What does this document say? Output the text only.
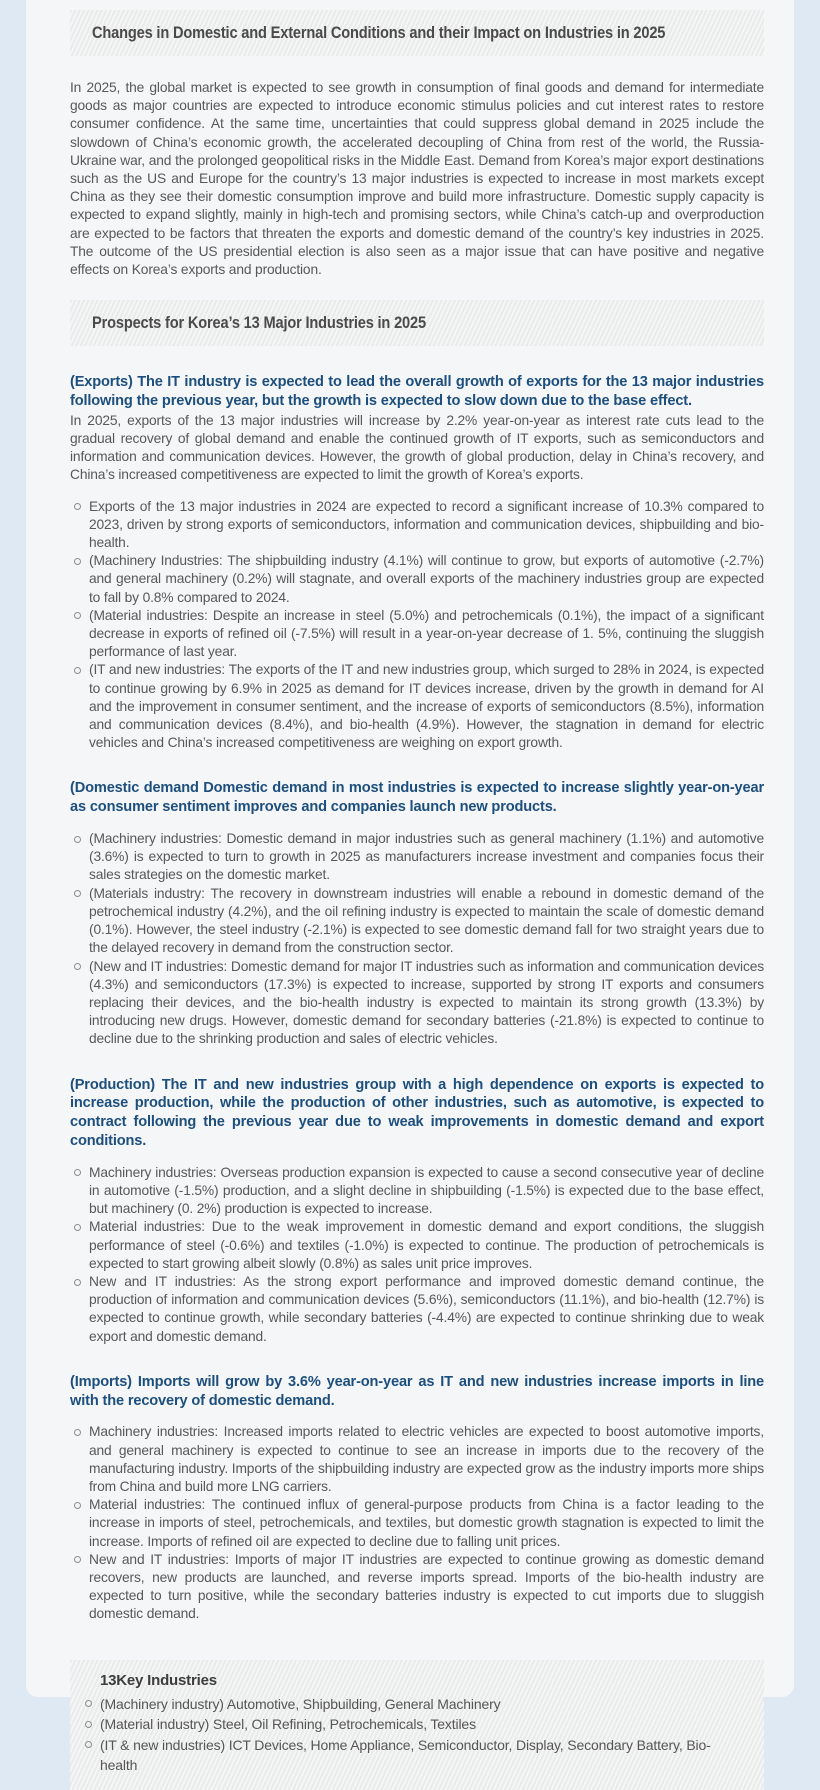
Changes in Domestic and External Conditions and their Impact on Industries in 2025

In 2025, the global market is expected to see growth in consumption of final goods and demand for intermediate goods as major countries are expected to introduce economic stimulus policies and cut interest rates to restore consumer confidence. At the same time, uncertainties that could suppress global demand in 2025 include the slowdown of China’s economic growth, the accelerated decoupling of China from rest of the world, the Russia-Ukraine war, and the prolonged geopolitical risks in the Middle East. Demand from Korea’s major export destinations such as the US and Europe for the country’s 13 major industries is expected to increase in most markets except China as they see their domestic consumption improve and build more infrastructure. Domestic supply capacity is expected to expand slightly, mainly in high-tech and promising sectors, while China’s catch-up and overproduction are expected to be factors that threaten the exports and domestic demand of the country’s key industries in 2025. The outcome of the US presidential election is also seen as a major issue that can have positive and negative effects on Korea’s exports and production.

Prospects for Korea’s 13 Major Industries in 2025

(Exports) The IT industry is expected to lead the overall growth of exports for the 13 major industries following the previous year, but the growth is expected to slow down due to the base effect.

In 2025, exports of the 13 major industries will increase by 2.2% year-on-year as interest rate cuts lead to the gradual recovery of global demand and enable the continued growth of IT exports, such as semiconductors and information and communication devices. However, the growth of global production, delay in China’s recovery, and China’s increased competitiveness are expected to limit the growth of Korea’s exports.

Exports of the 13 major industries in 2024 are expected to record a significant increase of 10.3% compared to 2023, driven by strong exports of semiconductors, information and communication devices, shipbuilding and bio-health.
(Machinery Industries: The shipbuilding industry (4.1%) will continue to grow, but exports of automotive (-2.7%) and general machinery (0.2%) will stagnate, and overall exports of the machinery industries group are expected to fall by 0.8% compared to 2024.
(Material industries: Despite an increase in steel (5.0%) and petrochemicals (0.1%), the impact of a significant decrease in exports of refined oil (-7.5%) will result in a year-on-year decrease of 1. 5%, continuing the sluggish performance of last year.
(IT and new industries: The exports of the IT and new industries group, which surged to 28% in 2024, is expected to continue growing by 6.9% in 2025 as demand for IT devices increase, driven by the growth in demand for AI and the improvement in consumer sentiment, and the increase of exports of semiconductors (8.5%), information and communication devices (8.4%), and bio-health (4.9%). However, the stagnation in demand for electric vehicles and China’s increased competitiveness are weighing on export growth.

(Domestic demand Domestic demand in most industries is expected to increase slightly year-on-year as consumer sentiment improves and companies launch new products.

(Machinery industries: Domestic demand in major industries such as general machinery (1.1%) and automotive (3.6%) is expected to turn to growth in 2025 as manufacturers increase investment and companies focus their sales strategies on the domestic market.
(Materials industry: The recovery in downstream industries will enable a rebound in domestic demand of the petrochemical industry (4.2%), and the oil refining industry is expected to maintain the scale of domestic demand (0.1%). However, the steel industry (-2.1%) is expected to see domestic demand fall for two straight years due to the delayed recovery in demand from the construction sector.
(New and IT industries: Domestic demand for major IT industries such as information and communication devices (4.3%) and semiconductors (17.3%) is expected to increase, supported by strong IT exports and consumers replacing their devices, and the bio-health industry is expected to maintain its strong growth (13.3%) by introducing new drugs. However, domestic demand for secondary batteries (-21.8%) is expected to continue to decline due to the shrinking production and sales of electric vehicles.

(Production) The IT and new industries group with a high dependence on exports is expected to increase production, while the production of other industries, such as automotive, is expected to contract following the previous year due to weak improvements in domestic demand and export conditions.

Machinery industries: Overseas production expansion is expected to cause a second consecutive year of decline in automotive (-1.5%) production, and a slight decline in shipbuilding (-1.5%) is expected due to the base effect, but machinery (0. 2%) production is expected to increase.
Material industries: Due to the weak improvement in domestic demand and export conditions, the sluggish performance of steel (-0.6%) and textiles (-1.0%) is expected to continue. The production of petrochemicals is expected to start growing albeit slowly (0.8%) as sales unit price improves.
New and IT industries: As the strong export performance and improved domestic demand continue, the production of information and communication devices (5.6%), semiconductors (11.1%), and bio-health (12.7%) is expected to continue growth, while secondary batteries (-4.4%) are expected to continue shrinking due to weak export and domestic demand.

(Imports) Imports will grow by 3.6% year-on-year as IT and new industries increase imports in line with the recovery of domestic demand.

Machinery industries: Increased imports related to electric vehicles are expected to boost automotive imports, and general machinery is expected to continue to see an increase in imports due to the recovery of the manufacturing industry. Imports of the shipbuilding industry are expected grow as the industry imports more ships from China and build more LNG carriers.
Material industries: The continued influx of general-purpose products from China is a factor leading to the increase in imports of steel, petrochemicals, and textiles, but domestic growth stagnation is expected to limit the increase. Imports of refined oil are expected to decline due to falling unit prices.
New and IT industries: Imports of major IT industries are expected to continue growing as domestic demand recovers, new products are launched, and reverse imports spread. Imports of the bio-health industry are expected to turn positive, while the secondary batteries industry is expected to cut imports due to sluggish domestic demand.

13Key Industries

(Machinery industry) Automotive, Shipbuilding, General Machinery
(Material industry) Steel, Oil Refining, Petrochemicals, Textiles
(IT & new industries) ICT Devices, Home Appliance, Semiconductor, Display, Secondary Battery, Bio-health
